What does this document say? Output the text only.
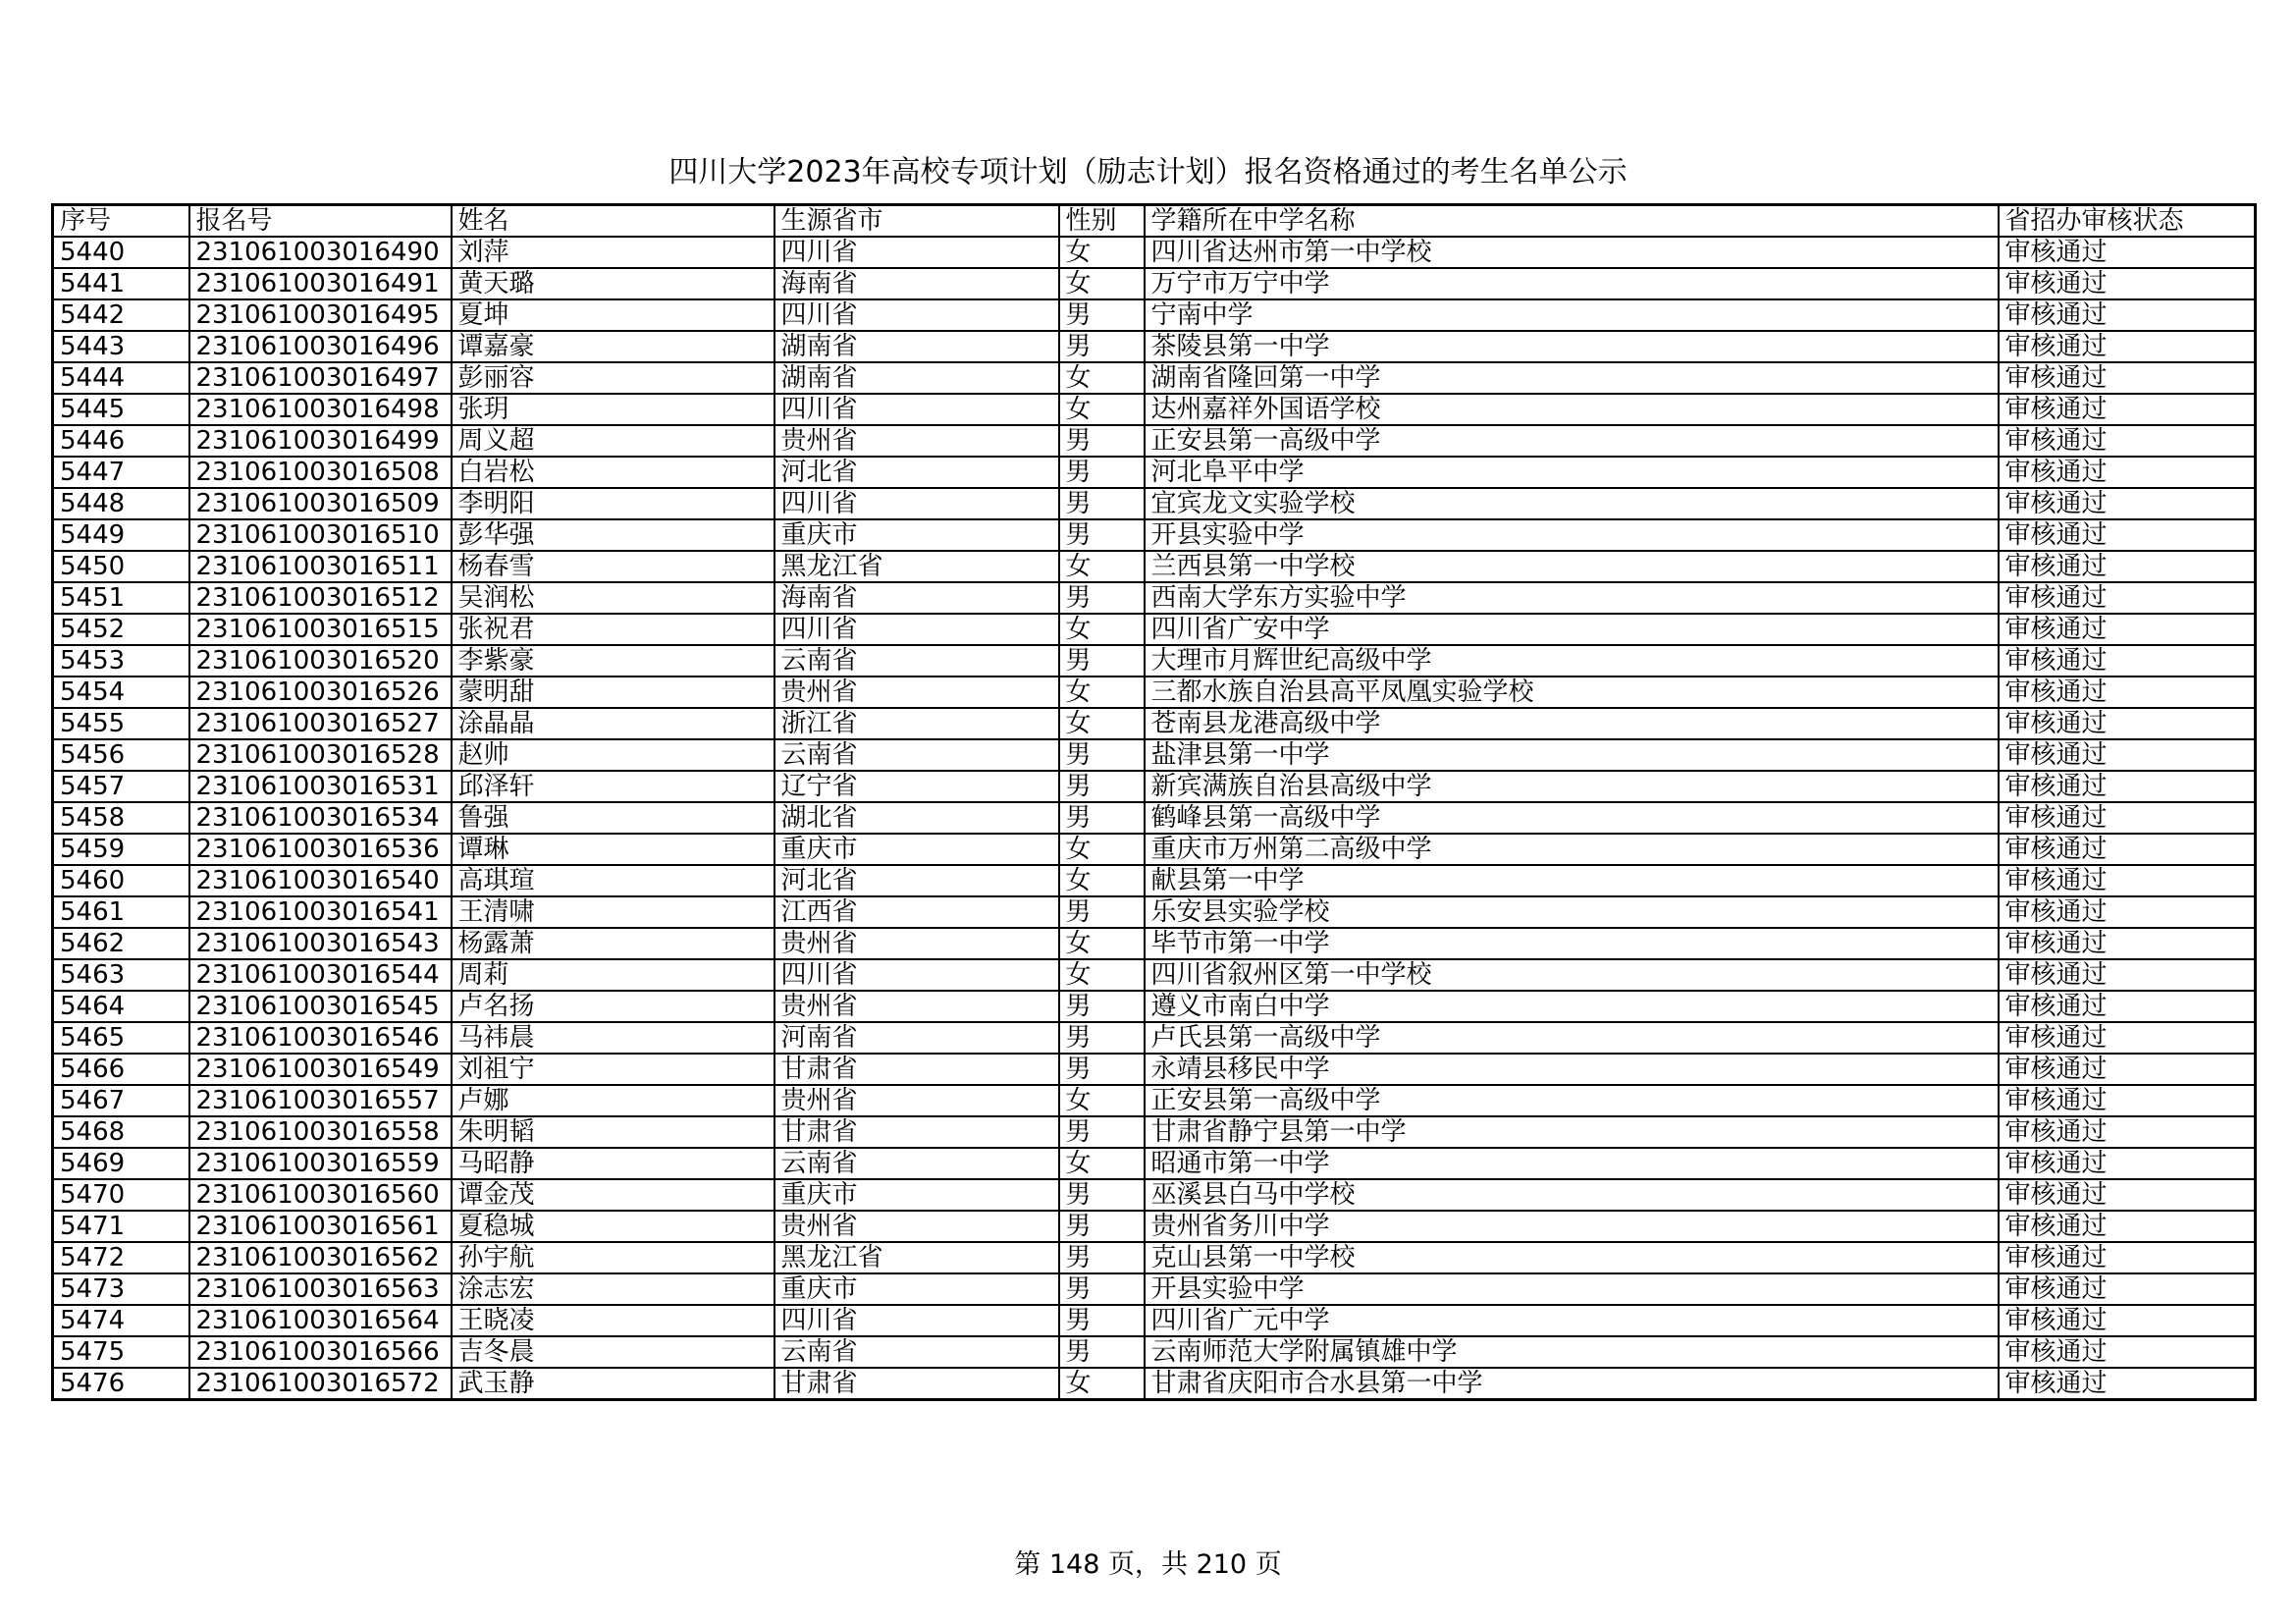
四川大学2023年高校专项计划（励志计划）报名资格通过的考生名单公示
序号	报名号	姓名	生源省市	性别	学籍所在中学名称	省招办审核状态
5440	231061003016490	刘萍	四川省	女	四川省达州市第一中学校	审核通过
5441	231061003016491	黄天璐	海南省	女	万宁市万宁中学	审核通过
5442	231061003016495	夏坤	四川省	男	宁南中学	审核通过
5443	231061003016496	谭嘉豪	湖南省	男	茶陵县第一中学	审核通过
5444	231061003016497	彭丽容	湖南省	女	湖南省隆回第一中学	审核通过
5445	231061003016498	张玥	四川省	女	达州嘉祥外国语学校	审核通过
5446	231061003016499	周义超	贵州省	男	正安县第一高级中学	审核通过
5447	231061003016508	白岩松	河北省	男	河北阜平中学	审核通过
5448	231061003016509	李明阳	四川省	男	宜宾龙文实验学校	审核通过
5449	231061003016510	彭华强	重庆市	男	开县实验中学	审核通过
5450	231061003016511	杨春雪	黑龙江省	女	兰西县第一中学校	审核通过
5451	231061003016512	吴润松	海南省	男	西南大学东方实验中学	审核通过
5452	231061003016515	张祝君	四川省	女	四川省广安中学	审核通过
5453	231061003016520	李紫豪	云南省	男	大理市月辉世纪高级中学	审核通过
5454	231061003016526	蒙明甜	贵州省	女	三都水族自治县高平凤凰实验学校	审核通过
5455	231061003016527	涂晶晶	浙江省	女	苍南县龙港高级中学	审核通过
5456	231061003016528	赵帅	云南省	男	盐津县第一中学	审核通过
5457	231061003016531	邱泽轩	辽宁省	男	新宾满族自治县高级中学	审核通过
5458	231061003016534	鲁强	湖北省	男	鹤峰县第一高级中学	审核通过
5459	231061003016536	谭琳	重庆市	女	重庆市万州第二高级中学	审核通过
5460	231061003016540	高琪瑄	河北省	女	献县第一中学	审核通过
5461	231061003016541	王清啸	江西省	男	乐安县实验学校	审核通过
5462	231061003016543	杨露萧	贵州省	女	毕节市第一中学	审核通过
5463	231061003016544	周莉	四川省	女	四川省叙州区第一中学校	审核通过
5464	231061003016545	卢名扬	贵州省	男	遵义市南白中学	审核通过
5465	231061003016546	马祎晨	河南省	男	卢氏县第一高级中学	审核通过
5466	231061003016549	刘祖宁	甘肃省	男	永靖县移民中学	审核通过
5467	231061003016557	卢娜	贵州省	女	正安县第一高级中学	审核通过
5468	231061003016558	朱明韬	甘肃省	男	甘肃省静宁县第一中学	审核通过
5469	231061003016559	马昭静	云南省	女	昭通市第一中学	审核通过
5470	231061003016560	谭金茂	重庆市	男	巫溪县白马中学校	审核通过
5471	231061003016561	夏稳城	贵州省	男	贵州省务川中学	审核通过
5472	231061003016562	孙宇航	黑龙江省	男	克山县第一中学校	审核通过
5473	231061003016563	涂志宏	重庆市	男	开县实验中学	审核通过
5474	231061003016564	王晓凌	四川省	男	四川省广元中学	审核通过
5475	231061003016566	吉冬晨	云南省	男	云南师范大学附属镇雄中学	审核通过
5476	231061003016572	武玉静	甘肃省	女	甘肃省庆阳市合水县第一中学	审核通过
第 148 页，共 210 页
